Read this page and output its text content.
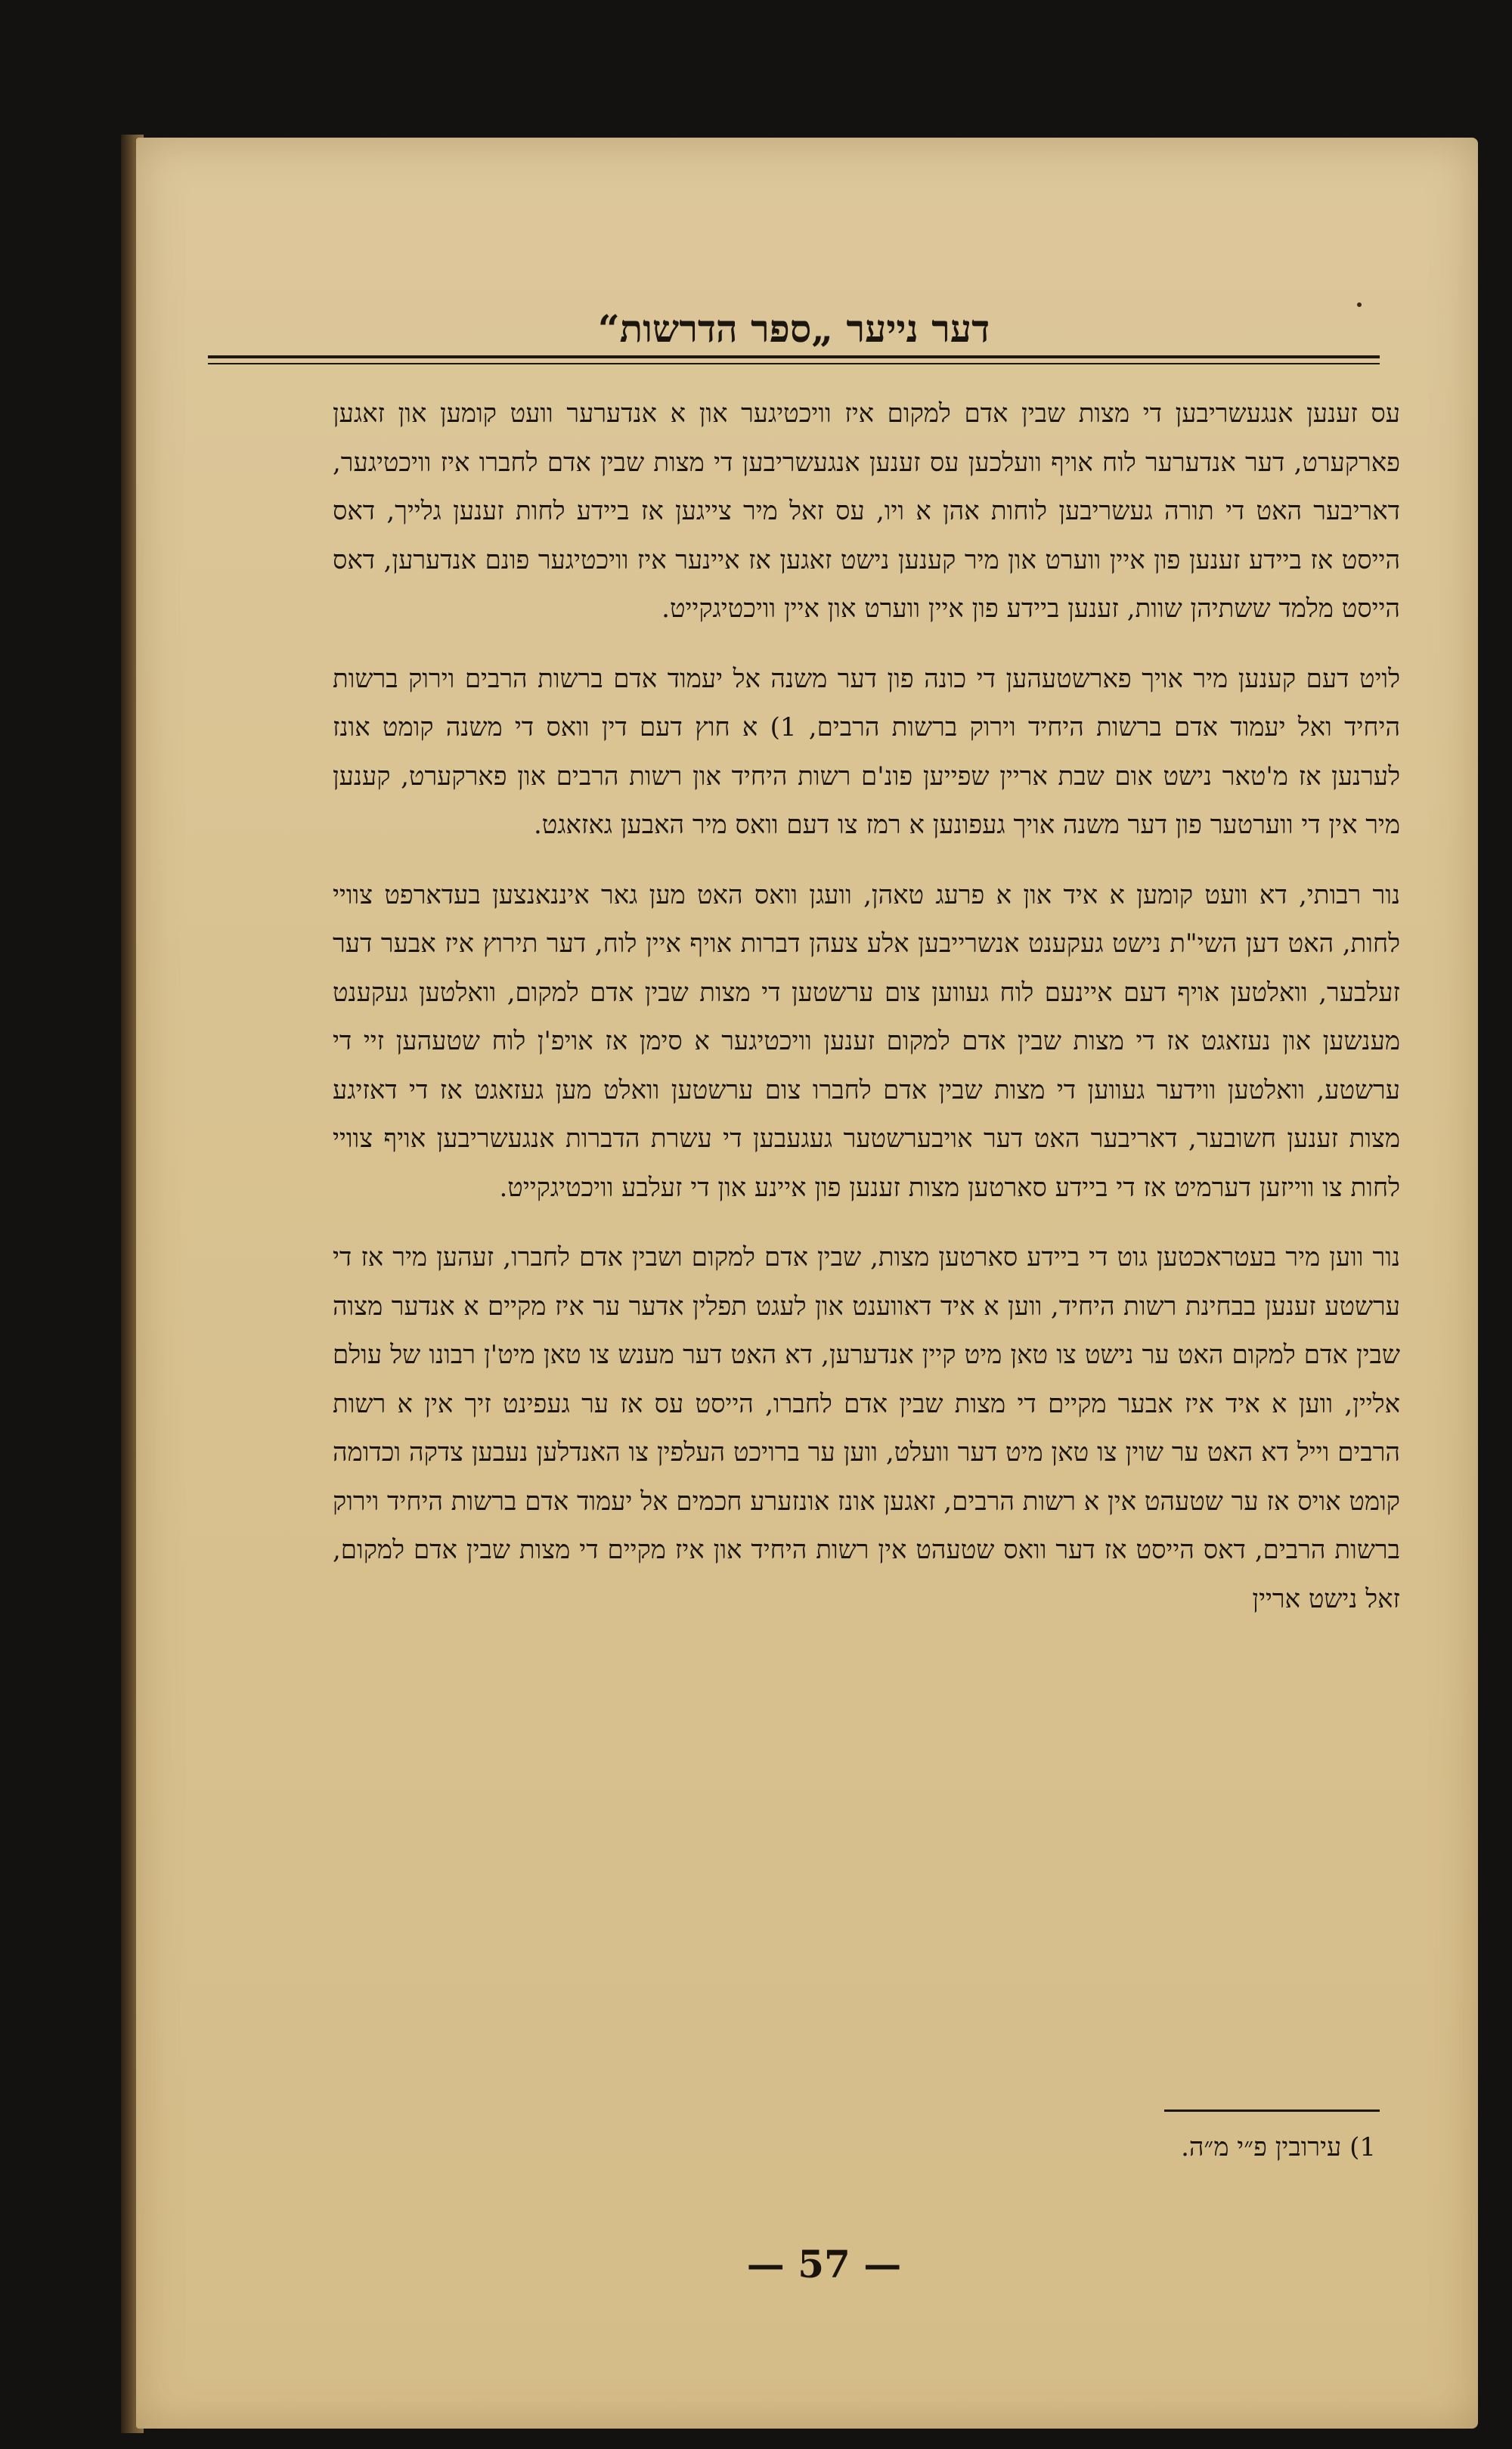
דער נייער „ספר הדרשות“

עס זענען אנגעשריבען די מצות שבין אדם למקום איז וויכטיגער און א אנדערער וועט קומען און זאגען פארקערט, דער אנדערער לוח אויף וועלכען עס זענען אנגעשריבען די מצות שבין אדם לחברו איז וויכטיגער, דאריבער האט די תורה געשריבען לוחות אהן א ויו, עס זאל מיר צייגען אז ביידע לחות זענען גלייך, דאס הייסט אז ביידע זענען פון איין ווערט און מיר קענען נישט זאגען אז איינער איז וויכטיגער פונם אנדערען, דאס הייסט מלמד ששתיהן שוות, זענען ביידע פון איין ווערט און איין וויכטיגקייט.

לויט דעם קענען מיר אויך פארשטעהען די כונה פון דער משנה אל יעמוד אדם ברשות הרבים וירוק ברשות היחיד ואל יעמוד אדם ברשות היחיד וירוק ברשות הרבים, 1) א חוץ דעם דין וואס די משנה קומט אונז לערנען אז מ'טאר נישט אום שבת אריין שפייען פונ'ם רשות היחיד און רשות הרבים און פארקערט, קענען מיר אין די ווערטער פון דער משנה אויך געפונען א רמז צו דעם וואס מיר האבען גאזאגט.

נור רבותי, דא וועט קומען א איד און א פרעג טאהן, וועגן וואס האט מען גאר איננאנצען בעדארפט צוויי לחות, האט דען השי"ת נישט געקענט אנשרייבען אלע צעהן דברות אויף איין לוח, דער תירוץ איז אבער דער זעלבער, וואלטען אויף דעם איינעם לוח געווען צום ערשטען די מצות שבין אדם למקום, וואלטען געקענט מענשען און נעזאגט אז די מצות שבין אדם למקום זענען וויכטיגער א סימן אז אויפ'ן לוח שטעהען זיי די ערשטע, וואלטען ווידער געווען די מצות שבין אדם לחברו צום ערשטען וואלט מען געזאגט אז די דאזיגע מצות זענען חשובער, דאריבער האט דער אויבערשטער געגעבען די עשרת הדברות אנגעשריבען אויף צוויי לחות צו ווייזען דערמיט אז די ביידע סארטען מצות זענען פון איינע און די זעלבע וויכטיגקייט.

נור ווען מיר בעטראכטען גוט די ביידע סארטען מצות, שבין אדם למקום ושבין אדם לחברו, זעהען מיר אז די ערשטע זענען בבחינת רשות היחיד, ווען א איד דאווענט און לעגט תפלין אדער ער איז מקיים א אנדער מצוה שבין אדם למקום האט ער נישט צו טאן מיט קיין אנדערען, דא האט דער מענש צו טאן מיט'ן רבונו של עולם אליין, ווען א איד איז אבער מקיים די מצות שבין אדם לחברו, הייסט עס אז ער געפינט זיך אין א רשות הרבים וייל דא האט ער שוין צו טאן מיט דער וועלט, ווען ער ברויכט העלפין צו האנדלען נעבען צדקה וכדומה קומט אויס אז ער שטעהט אין א רשות הרבים, זאגען אונז אונזערע חכמים אל יעמוד אדם ברשות היחיד וירוק ברשות הרבים, דאס הייסט אז דער וואס שטעהט אין רשות היחיד און איז מקיים די מצות שבין אדם למקום, זאל נישט אריין

1) עירובין פ״י מ״ה.
— 57 —
